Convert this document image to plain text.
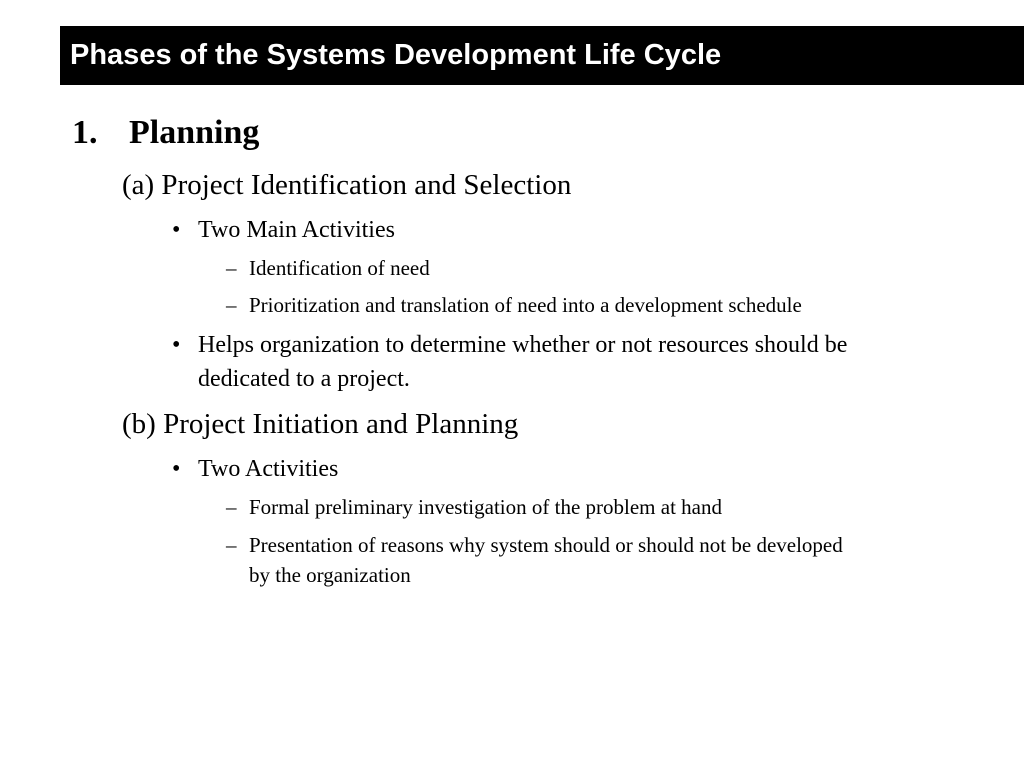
Phases of the Systems Development Life Cycle
1. Planning
(a) Project Identification and Selection
• Two Main Activities
– Identification of need
– Prioritization and translation of need into a development schedule
• Helps organization to determine whether or not resources should be
dedicated to a project.
(b) Project Initiation and Planning
• Two Activities
– Formal preliminary investigation of the problem at hand
– Presentation of reasons why system should or should not be developed
by the organization
